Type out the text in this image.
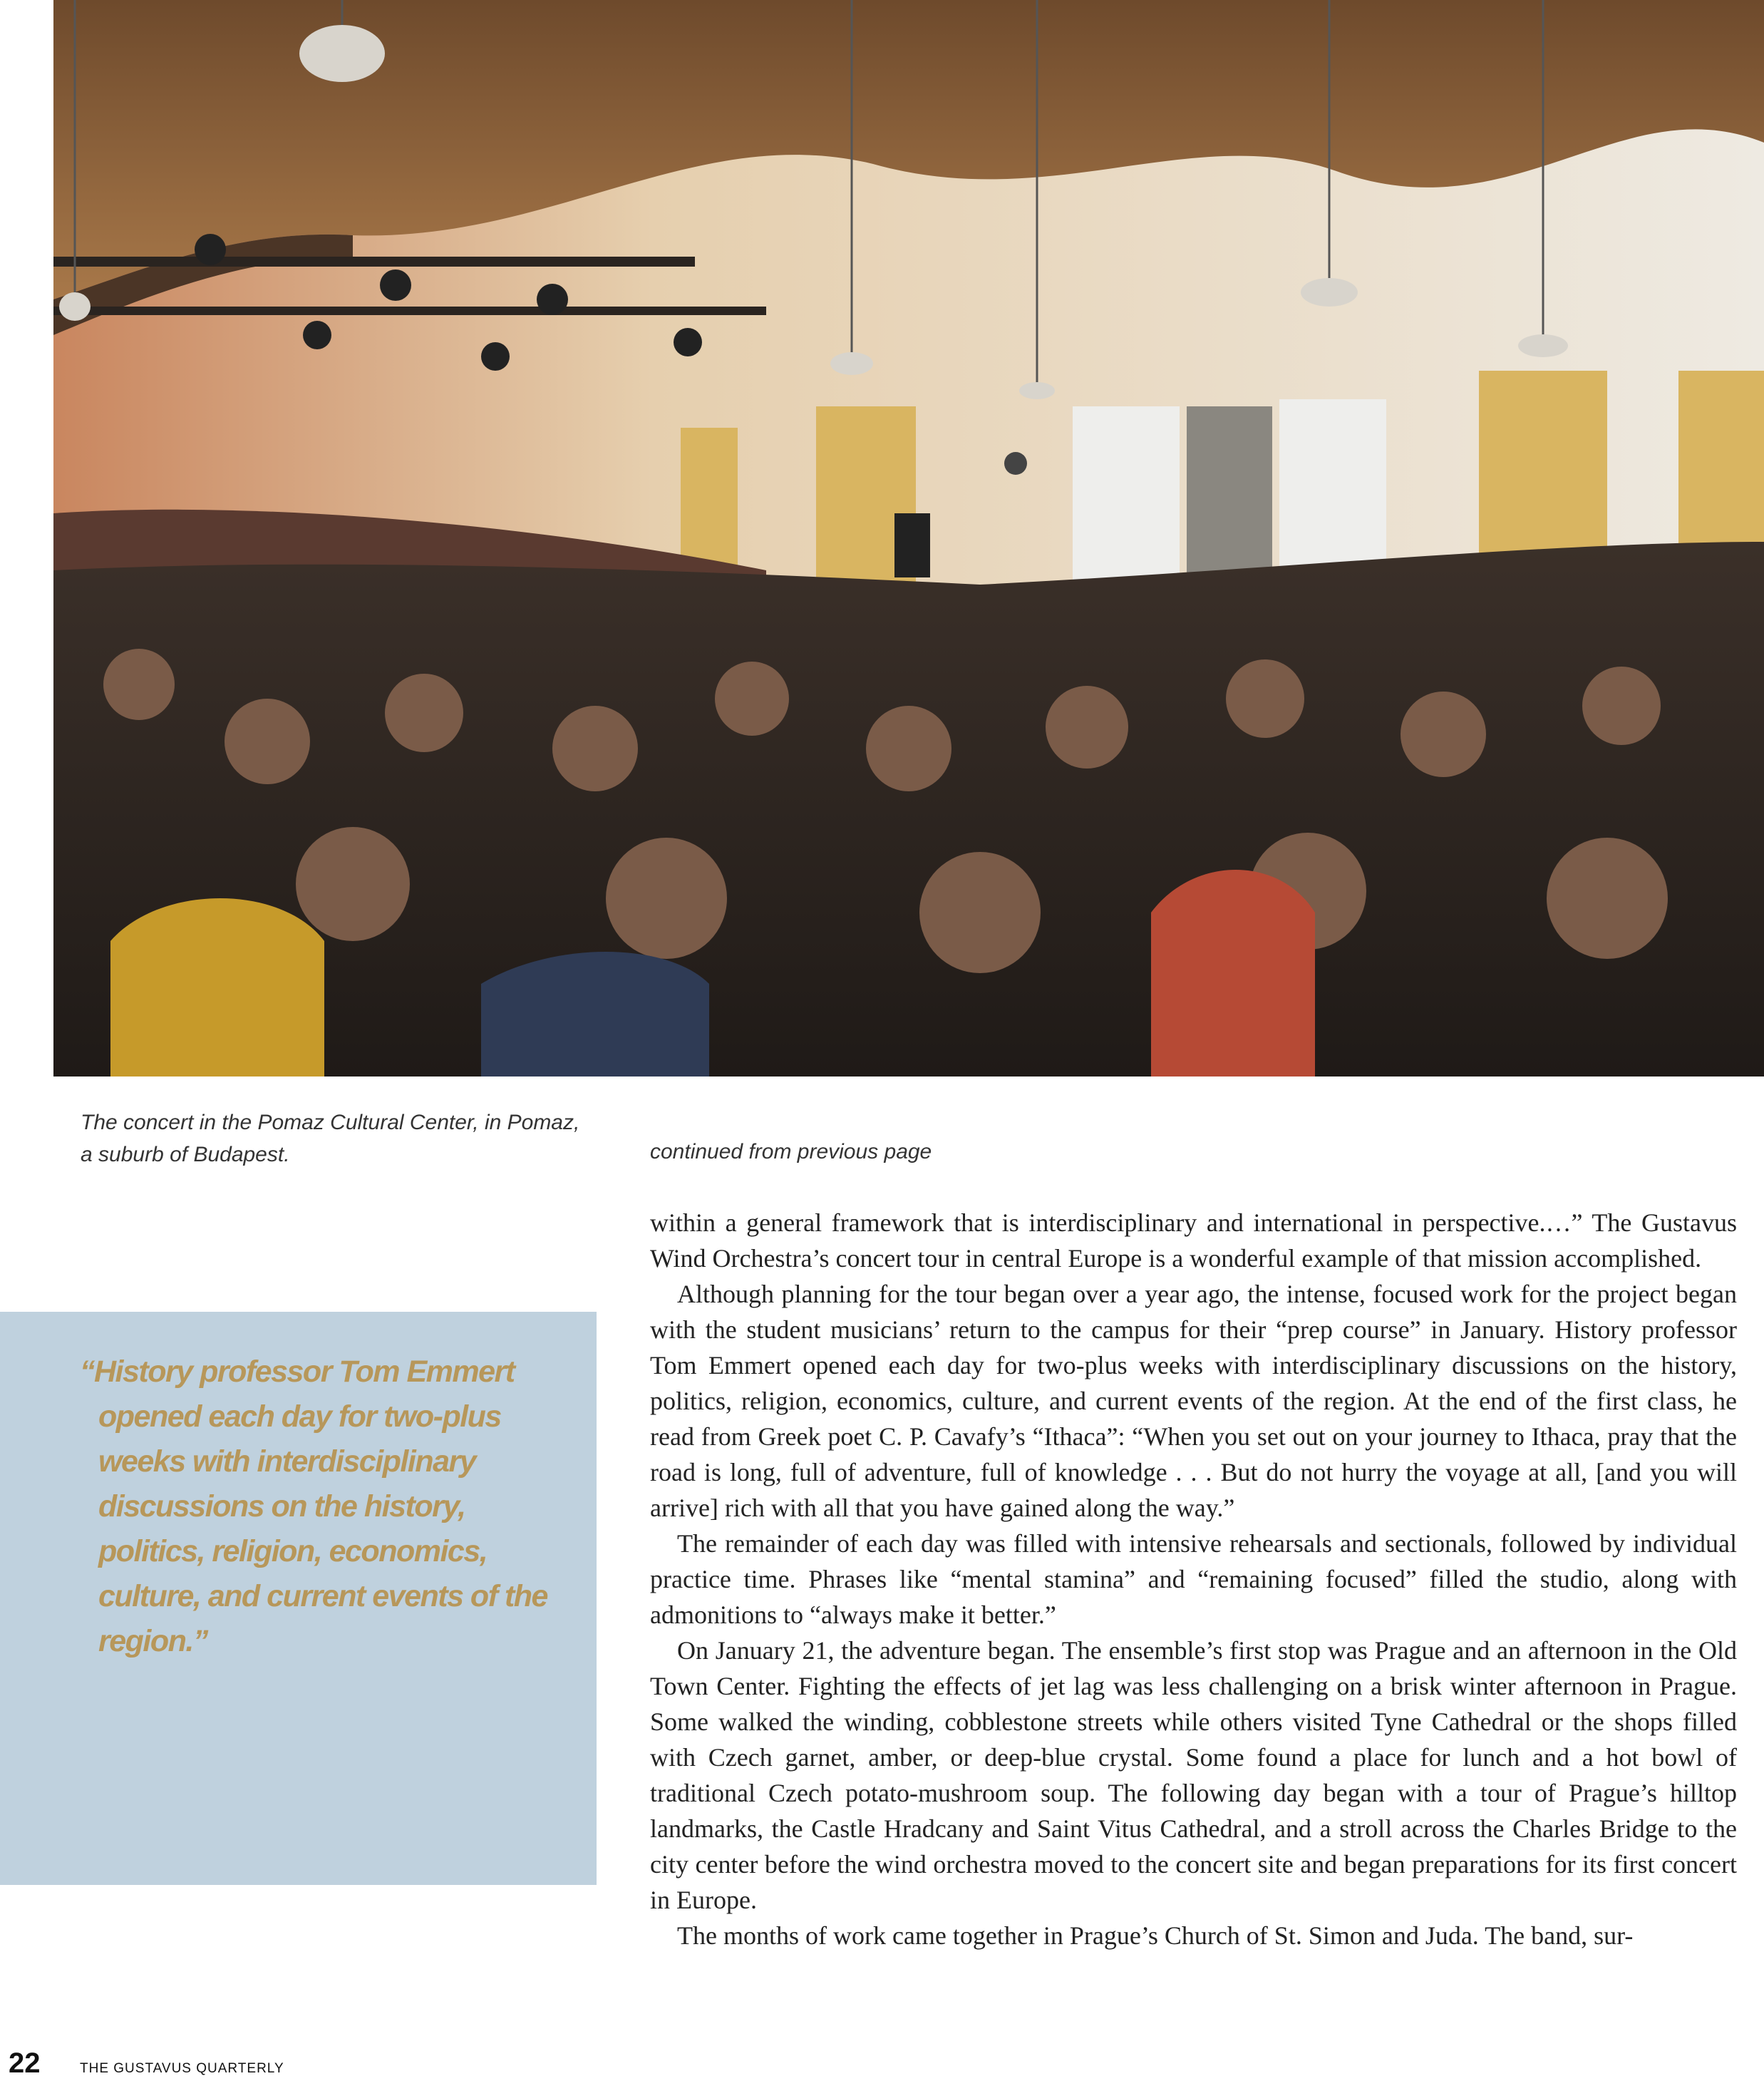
The concert in the Pomaz Cultural Center, in Pomaz, a suburb of Budapest.	continued from previous page
“History professor Tom Emmert opened each day for two-plus weeks with interdisciplinary discussions on the history, politics, religion, economics, culture, and current events of the region.”

within a general framework that is interdisciplinary and international in perspective.…” The Gustavus Wind Orchestra’s concert tour in central Europe is a wonderful example of that mission accomplished.

Although planning for the tour began over a year ago, the intense, focused work for the project began with the student musicians’ return to the campus for their “prep course” in January. History professor Tom Emmert opened each day for two-plus weeks with interdisciplinary discussions on the history, politics, religion, economics, culture, and current events of the region. At the end of the first class, he read from Greek poet C. P. Cavafy’s “Ithaca”: “When you set out on your journey to Ithaca, pray that the road is long, full of adventure, full of knowledge . . . But do not hurry the voyage at all, [and you will arrive] rich with all that you have gained along the way.”

The remainder of each day was filled with intensive rehearsals and sectionals, followed by individual practice time. Phrases like “mental stamina” and “remaining focused” filled the studio, along with admonitions to “always make it better.”

On January 21, the adventure began. The ensemble’s first stop was Prague and an afternoon in the Old Town Center. Fighting the effects of jet lag was less challenging on a brisk winter afternoon in Prague. Some walked the winding, cobblestone streets while others visited Tyne Cathedral or the shops filled with Czech garnet, amber, or deep-blue crystal. Some found a place for lunch and a hot bowl of traditional Czech potato-mushroom soup. The following day began with a tour of Prague’s hilltop landmarks, the Castle Hradcany and Saint Vitus Cathedral, and a stroll across the Charles Bridge to the city center before the wind orchestra moved to the concert site and began preparations for its first concert in Europe.

The months of work came together in Prague’s Church of St. Simon and Juda. The band, sur-

22	THE GUSTAVUS QUARTERLY
